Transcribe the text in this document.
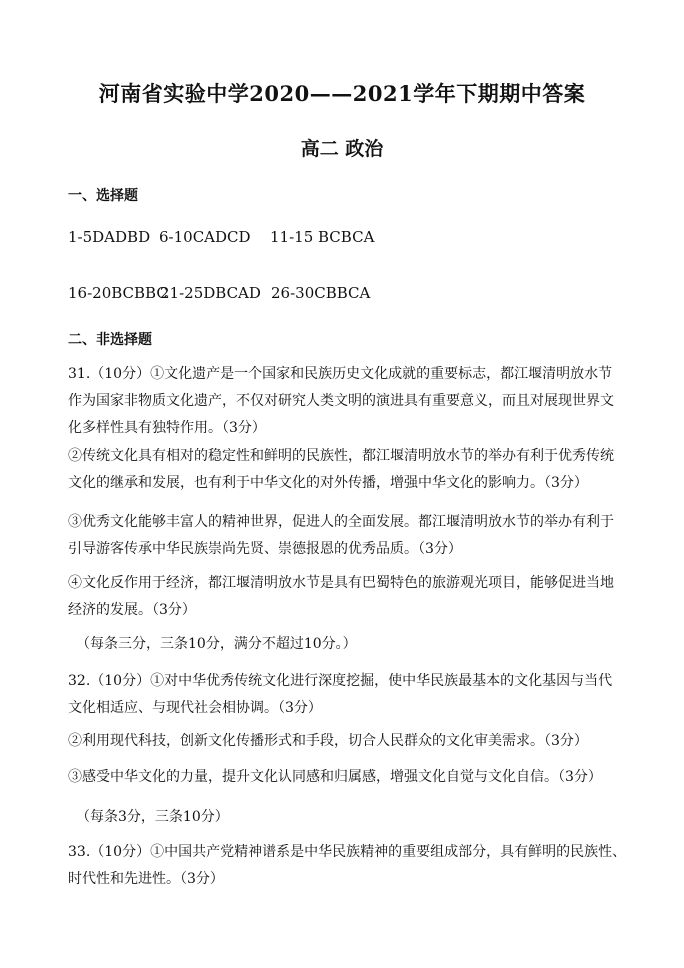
河南省实验中学2020——2021学年下期期中答案
高二 政治
一、选择题
1-5DADBD 6-10CADCD 11-15 BCBCA
16-20BCBBC21-25DBCAD 26-30CBBCA
二、非选择题
31.（10分）①文化遗产是一个国家和民族历史文化成就的重要标志，都江堰清明放水节
作为国家非物质文化遗产，不仅对研究人类文明的演进具有重要意义，而且对展现世界文
化多样性具有独特作用。（3分）
②传统文化具有相对的稳定性和鲜明的民族性，都江堰清明放水节的举办有利于优秀传统
文化的继承和发展，也有利于中华文化的对外传播，增强中华文化的影响力。（3分）
③优秀文化能够丰富人的精神世界，促进人的全面发展。都江堰清明放水节的举办有利于
引导游客传承中华民族崇尚先贤、崇德报恩的优秀品质。（3分）
④文化反作用于经济，都江堰清明放水节是具有巴蜀特色的旅游观光项目，能够促进当地
经济的发展。（3分）
（每条三分，三条10分，满分不超过10分。）
32.（10分）①对中华优秀传统文化进行深度挖掘，使中华民族最基本的文化基因与当代
文化相适应、与现代社会相协调。（3分）
②利用现代科技，创新文化传播形式和手段，切合人民群众的文化审美需求。（3分）
③感受中华文化的力量，提升文化认同感和归属感，增强文化自觉与文化自信。（3分）
（每条3分，三条10分）
33.（10分）①中国共产党精神谱系是中华民族精神的重要组成部分，具有鲜明的民族性、
时代性和先进性。（3分）
